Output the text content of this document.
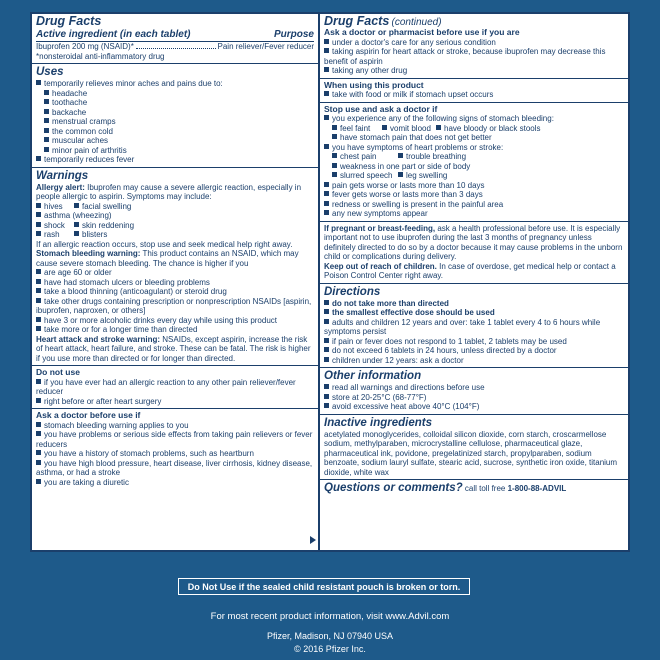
Drug Facts
Active ingredient (in each tablet)	Purpose
Ibuprofen 200 mg (NSAID)*	Pain reliever/Fever reducer
*nonsteroidal anti-inflammatory drug
Uses
temporarily relieves minor aches and pains due to:
headache
toothache
backache
menstrual cramps
the common cold
muscular aches
minor pain of arthritis
temporarily reduces fever
Warnings
Allergy alert: Ibuprofen may cause a severe allergic reaction, especially in people allergic to aspirin. Symptoms may include:
hives facial swelling
asthma (wheezing)
shock skin reddening
rash	blisters
If an allergic reaction occurs, stop use and seek medical help right away.
Stomach bleeding warning: This product contains an NSAID, which may cause severe stomach bleeding. The chance is higher if you
are age 60 or older
have had stomach ulcers or bleeding problems
take a blood thinning (anticoagulant) or steroid drug
take other drugs containing prescription or nonprescription NSAIDs [aspirin, ibuprofen, naproxen, or others]
have 3 or more alcoholic drinks every day while using this product
take more or for a longer time than directed
Heart attack and stroke warning: NSAIDs, except aspirin, increase the risk of heart attack, heart failure, and stroke. These can be fatal. The risk is higher if you use more than directed or for longer than directed.
Do not use
if you have ever had an allergic reaction to any other pain reliever/fever reducer
right before or after heart surgery
Ask a doctor before use if
stomach bleeding warning applies to you
you have problems or serious side effects from taking pain relievers or fever reducers
you have a history of stomach problems, such as heartburn
you have high blood pressure, heart disease, liver cirrhosis, kidney disease, asthma, or had a stroke
you are taking a diuretic
Drug Facts (continued)
Ask a doctor or pharmacist before use if you are
under a doctor's care for any serious condition
taking aspirin for heart attack or stroke, because ibuprofen may decrease this benefit of aspirin
taking any other drug
When using this product
take with food or milk if stomach upset occurs
Stop use and ask a doctor if
you experience any of the following signs of stomach bleeding:
feel faint vomit blood have bloody or black stools
have stomach pain that does not get better
you have symptoms of heart problems or stroke:
chest pain	trouble breathing
weakness in one part or side of body
slurred speech leg swelling
pain gets worse or lasts more than 10 days
fever gets worse or lasts more than 3 days
redness or swelling is present in the painful area
any new symptoms appear
If pregnant or breast-feeding, ask a health professional before use. It is especially important not to use ibuprofen during the last 3 months of pregnancy unless definitely directed to do so by a doctor because it may cause problems in the unborn child or complications during delivery.
Keep out of reach of children. In case of overdose, get medical help or contact a Poison Control Center right away.
Directions
do not take more than directed
the smallest effective dose should be used
adults and children 12 years and over: take 1 tablet every 4 to 6 hours while symptoms persist
if pain or fever does not respond to 1 tablet, 2 tablets may be used
do not exceed 6 tablets in 24 hours, unless directed by a doctor
children under 12 years: ask a doctor
Other information
read all warnings and directions before use
store at 20-25°C (68-77°F)
avoid excessive heat above 40°C (104°F)
Inactive ingredients
acetylated monoglycerides, colloidal silicon dioxide, corn starch, croscarmellose sodium, methylparaben, microcrystalline cellulose, pharmaceutical glaze, pharmaceutical ink, povidone, pregelatinized starch, propylparaben, sodium benzoate, sodium lauryl sulfate, stearic acid, sucrose, synthetic iron oxide, titanium dioxide, white wax
Questions or comments? call toll free 1-800-88-ADVIL
Do Not Use if the sealed child resistant pouch is broken or torn.
For most recent product information, visit www.Advil.com
Pfizer, Madison, NJ 07940 USA
© 2016 Pfizer Inc.
